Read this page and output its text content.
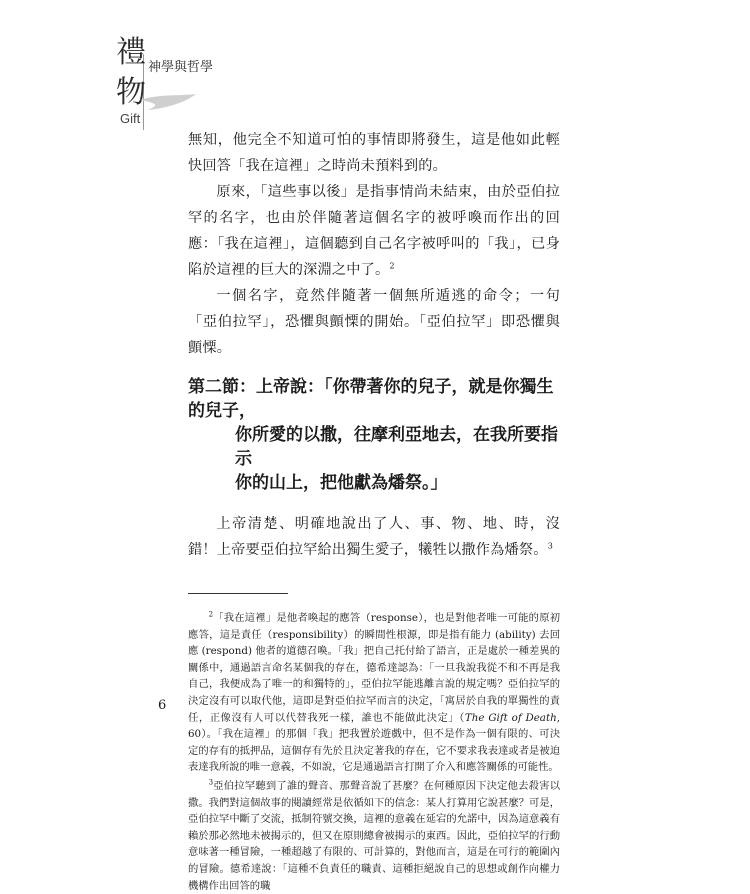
禮 神學與哲學
物
Gift

無知，他完全不知道可怕的事情即將發生，這是他如此輕快回答「我在這裡」之時尚未預料到的。

原來，「這些事以後」是指事情尚未結束，由於亞伯拉罕的名字，也由於伴隨著這個名字的被呼喚而作出的回應：「我在這裡」，這個聽到自己名字被呼叫的「我」，已身陷於這裡的巨大的深淵之中了。$^2$

一個名字，竟然伴隨著一個無所遁逃的命令；一句「亞伯拉罕」，恐懼與顫慄的開始。「亞伯拉罕」即恐懼與顫慄。

第二節：上帝說：「你帶著你的兒子，就是你獨生的兒子，

你所愛的以撒，往摩利亞地去，在我所要指示

你的山上，把他獻為燔祭。」

上帝清楚、明確地說出了人、事、物、地、時，沒錯！上帝要亞伯拉罕給出獨生愛子，犧牲以撒作為燔祭。$^3$

$^2$「我在這裡」是他者喚起的應答（response），也是對他者唯一可能的原初應答，這是責任（responsibility）的瞬間性根源，即是指有能力 (ability) 去回應 (respond) 他者的道德召喚。「我」把自己托付給了語言，正是處於一種差異的關係中，通過語言命名某個我的存在，德希達認為：「一旦我說我從不和不再是我自己，我便成為了唯一的和獨特的」，亞伯拉罕能逃離言說的規定嗎？亞伯拉罕的決定沒有可以取代他，這即是對亞伯拉罕而言的決定，「寓居於自我的單獨性的責任，正像沒有人可以代替我死一樣，誰也不能做此決定」（The Gift of Death, 60）。「我在這裡」的那個「我」把我置於遊戲中，但不是作為一個有限的、可決定的存有的抵押品，這個存有先於且決定著我的存在，它不要求我表達或者是被迫表達我所說的唯一意義，不如說，它是通過語言打開了介入和應答關係的可能性。

$^3$亞伯拉罕聽到了誰的聲音、那聲音說了甚麼？在何種原因下決定他去殺害以撒。我們對這個故事的閱讀經常是依循如下的信念：某人打算用它說甚麼？可是，亞伯拉罕中斷了交流，抵制符號交換，這裡的意義在延宕的允諾中，因為這意義有賴於那必然地未被揭示的，但又在原則總會被揭示的東西。因此，亞伯拉罕的行動意味著一種冒險，一種超越了有限的、可計算的，對他而言，這是在可行的範圍內的冒險。德希達說：「這種不負責任的職責、這種拒絕說自己的思想或創作向權力機構作出回答的職

6
